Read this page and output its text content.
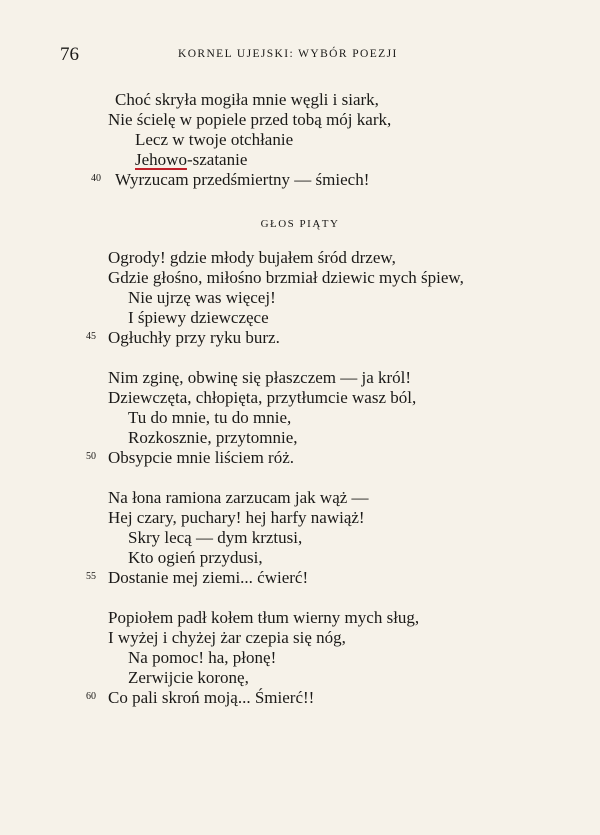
76	KORNEL UJEJSKI: WYBÓR POEZJI
Choć skryła mogiła mnie węgli i siark,
Nie ścielę w popiele przed tobą mój kark,
Lecz w twoje otchłanie
Jehowo-szatanie
40 Wyrzucam przedśmiertny — śmiech!
GŁOS PIĄTY
Ogrody! gdzie młody bujałem śród drzew,
Gdzie głośno, miłośno brzmiał dziewic mych śpiew,
Nie ujrzę was więcej!
I śpiewy dziewczęce
45 Ogłuchły przy ryku burz.
Nim zginę, obwinę się płaszczem — ja król!
Dziewczęta, chłopięta, przytłumcie wasz ból,
Tu do mnie, tu do mnie,
Rozkosznie, przytomnie,
50 Obsypcie mnie liściem róż.
Na łona ramiona zarzucam jak wąż —
Hej czary, puchary! hej harfy nawiąż!
Skry lecą — dym krztusi,
Kto ogień przydusi,
55 Dostanie mej ziemi... ćwierć!
Popiołem padł kołem tłum wierny mych sług,
I wyżej i chyżej żar czepia się nóg,
Na pomoc! ha, płonę!
Zerwijcie koronę,
60 Co pali skroń moją... Śmierć!!
